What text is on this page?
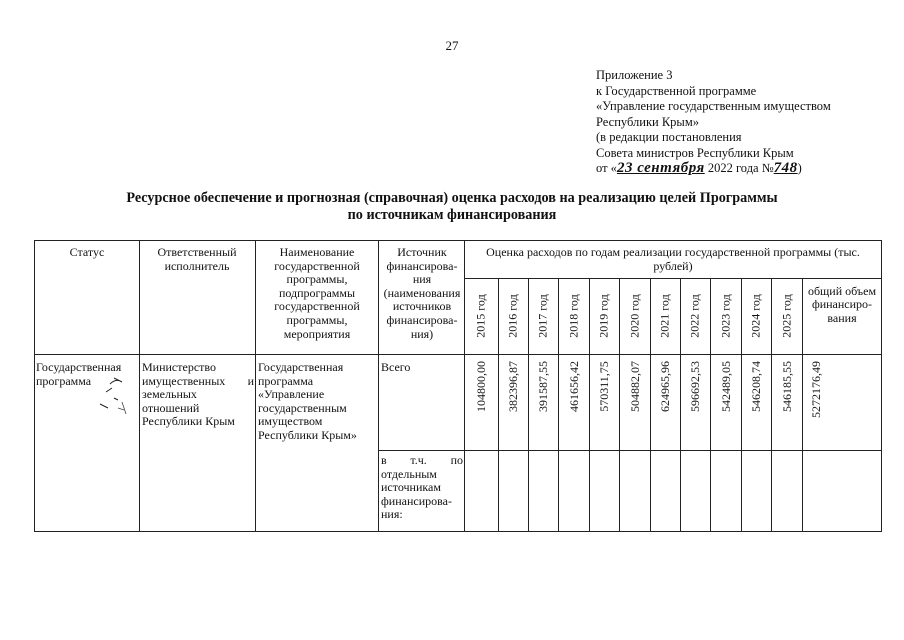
27
Приложение 3
к Государственной программе
«Управление государственным имуществом
Республики Крым»
(в редакции постановления
Совета министров Республики Крым
от «23 сентября 2022 года №748)
Ресурсное обеспечение и прогнозная (справочная) оценка расходов на реализацию целей Программы
по источникам финансирования
Статус	Ответственный исполнитель
Наименование государственной программы, подпрограммы государственной программы, мероприятия
Источник финансирова-ния (наименования источников финансирова-ния)
Оценка расходов по годам реализации государственной программы (тыс. рублей)
2015 год 2016 год 2017 год 2018 год 2019 год 2020 год 2021 год 2022 год 2023 год 2024 год 2025 год
общий объем финансиро-вания
Государственная программа
Министерство имущественных и земельных отношений Республики Крым
Государственная программа «Управление государственным имуществом Республики Крым»
Всего	104800,00 382396,87 391587,55 461656,42 570311,75 504882,07 624965,96 596692,53 542489,05 546208,74 546185,55 5272176,49
в т.ч. по отдельным источникам финансирова-ния:
